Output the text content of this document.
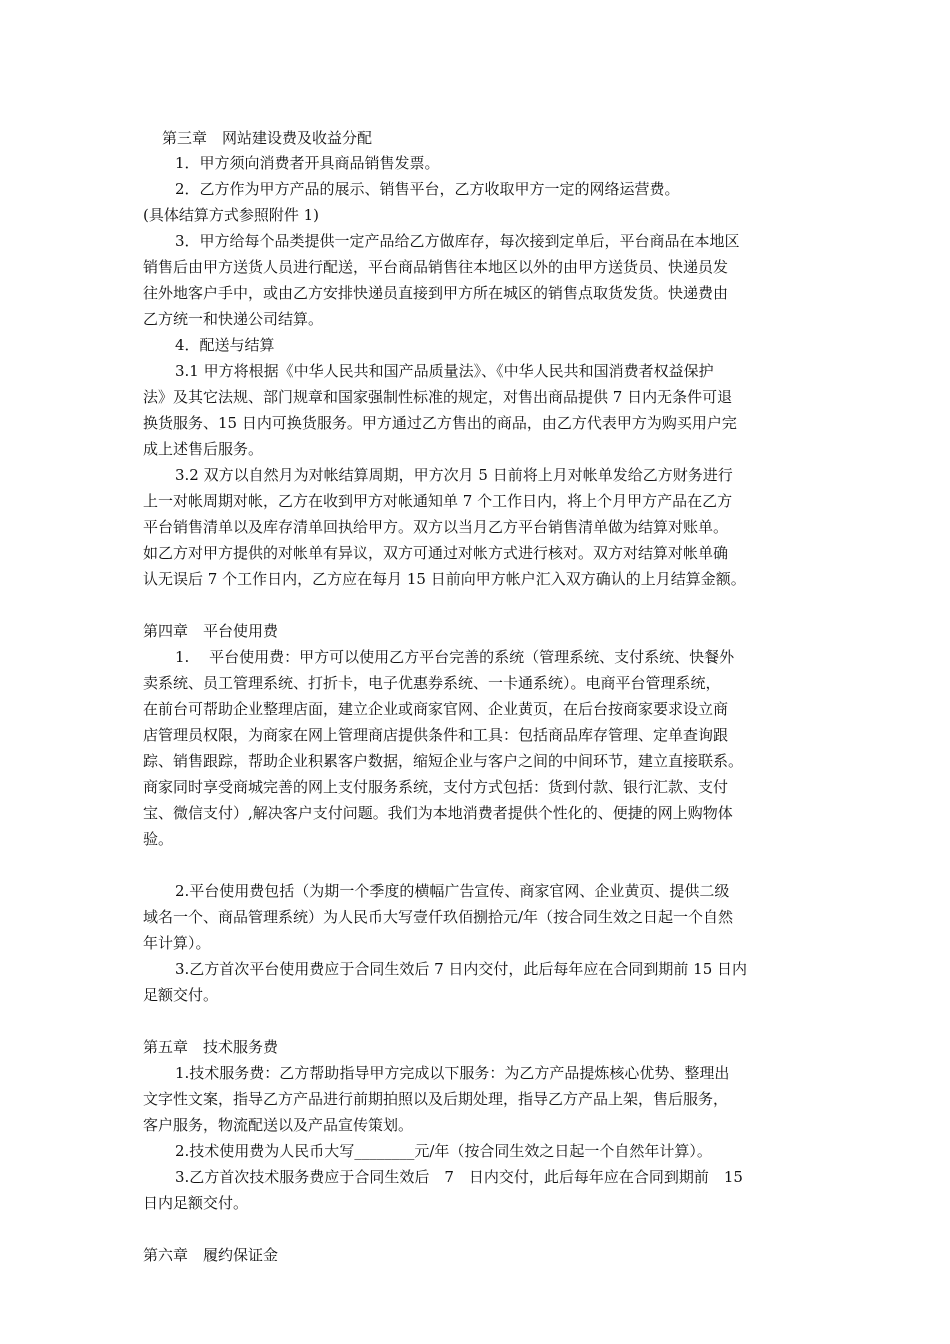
第三章　网站建设费及收益分配
1．甲方须向消费者开具商品销售发票。
2．乙方作为甲方产品的展示、销售平台，乙方收取甲方一定的网络运营费。
(具体结算方式参照附件 1)
3．甲方给每个品类提供一定产品给乙方做库存，每次接到定单后，平台商品在本地区
销售后由甲方送货人员进行配送，平台商品销售往本地区以外的由甲方送货员、快递员发
往外地客户手中，或由乙方安排快递员直接到甲方所在城区的销售点取货发货。快递费由
乙方统一和快递公司结算。
4．配送与结算
3.1 甲方将根据《中华人民共和国产品质量法》、《中华人民共和国消费者权益保护
法》及其它法规、部门规章和国家强制性标准的规定，对售出商品提供 7 日内无条件可退
换货服务、15 日内可换货服务。甲方通过乙方售出的商品，由乙方代表甲方为购买用户完
成上述售后服务。
3.2 双方以自然月为对帐结算周期，甲方次月 5 日前将上月对帐单发给乙方财务进行
上一对帐周期对帐，乙方在收到甲方对帐通知单 7 个工作日内，将上个月甲方产品在乙方
平台销售清单以及库存清单回执给甲方。双方以当月乙方平台销售清单做为结算对账单。
如乙方对甲方提供的对帐单有异议，双方可通过对帐方式进行核对。双方对结算对帐单确
认无误后 7 个工作日内，乙方应在每月 15 日前向甲方帐户汇入双方确认的上月结算金额。
第四章　平台使用费
1.　 平台使用费：甲方可以使用乙方平台完善的系统（管理系统、支付系统、快餐外
卖系统、员工管理系统、打折卡，电子优惠券系统、一卡通系统）。电商平台管理系统，
在前台可帮助企业整理店面，建立企业或商家官网、企业黄页，在后台按商家要求设立商
店管理员权限，为商家在网上管理商店提供条件和工具：包括商品库存管理、定单查询跟
踪、销售跟踪，帮助企业积累客户数据，缩短企业与客户之间的中间环节，建立直接联系。
商家同时享受商城完善的网上支付服务系统，支付方式包括：货到付款、银行汇款、支付
宝、微信支付）,解决客户支付问题。我们为本地消费者提供个性化的、便捷的网上购物体
验。
2.平台使用费包括（为期一个季度的横幅广告宣传、商家官网、企业黄页、提供二级
域名一个、商品管理系统）为人民币大写壹仟玖佰捌拾元/年（按合同生效之日起一个自然
年计算）。
3.乙方首次平台使用费应于合同生效后 7 日内交付，此后每年应在合同到期前 15 日内
足额交付。
第五章　技术服务费
1.技术服务费：乙方帮助指导甲方完成以下服务：为乙方产品提炼核心优势、整理出
文字性文案，指导乙方产品进行前期拍照以及后期处理，指导乙方产品上架，售后服务，
客户服务，物流配送以及产品宣传策划。
2.技术使用费为人民币大写________元/年（按合同生效之日起一个自然年计算）。
3.乙方首次技术服务费应于合同生效后　7　日内交付，此后每年应在合同到期前　15
日内足额交付。
第六章　履约保证金
